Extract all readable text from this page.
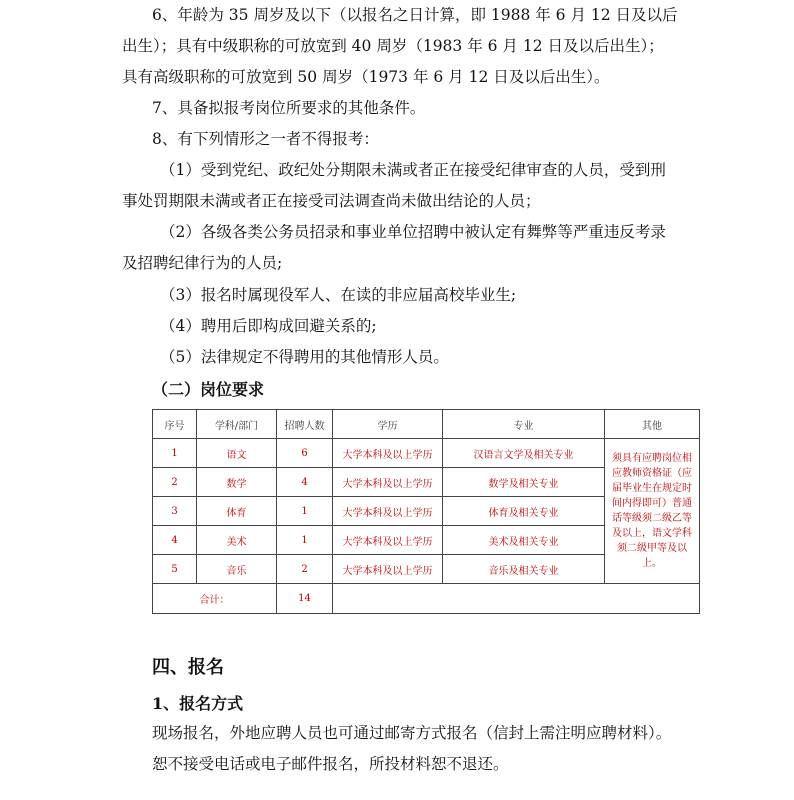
6、年龄为 35 周岁及以下（以报名之日计算，即 1988 年 6 月 12 日及以后
出生）；具有中级职称的可放宽到 40 周岁（1983 年 6 月 12 日及以后出生）；
具有高级职称的可放宽到 50 周岁（1973 年 6 月 12 日及以后出生）。
7、具备拟报考岗位所要求的其他条件。
8、有下列情形之一者不得报考：
（1）受到党纪、政纪处分期限未满或者正在接受纪律审查的人员，受到刑
事处罚期限未满或者正在接受司法调查尚未做出结论的人员；
（2）各级各类公务员招录和事业单位招聘中被认定有舞弊等严重违反考录
及招聘纪律行为的人员;
（3）报名时属现役军人、在读的非应届高校毕业生;
（4）聘用后即构成回避关系的;
（5）法律规定不得聘用的其他情形人员。
（二）岗位要求
序号	学科/部门	招聘人数	学历	专业	其他
1	语文	6	大学本科及以上学历	汉语言文学及相关专业	须具有应聘岗位相应教师资格证（应届毕业生在规定时间内得即可）普通话等级须二级乙等及以上，语文学科须二级甲等及以上。
2	数学	4	大学本科及以上学历	数学及相关专业	
3	体育	1	大学本科及以上学历	体育及相关专业	
4	美术	1	大学本科及以上学历	美术及相关专业	
5	音乐	2	大学本科及以上学历	音乐及相关专业	
合计：		14			
四、报名
1、报名方式
现场报名，外地应聘人员也可通过邮寄方式报名（信封上需注明应聘材料）。
恕不接受电话或电子邮件报名，所投材料恕不退还。
